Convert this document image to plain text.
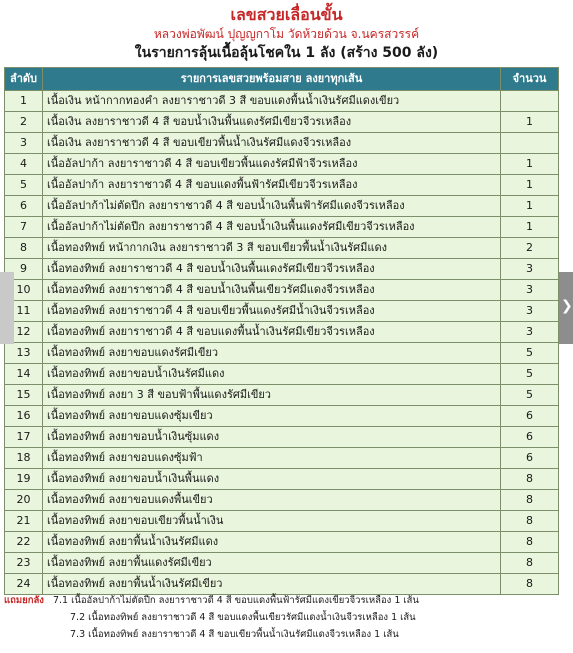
เลขสวยเลื่อนขั้น
หลวงพ่อพัฒน์ ปุญญกาโม วัดห้วยด้วน จ.นครสวรรค์
ในรายการลุ้นเนื้อลุ้นโชคใน 1 ลัง (สร้าง 500 ลัง)
ลำดับ	รายการเลขสวยพร้อมสาย ลงยาทุกเส้น	จำนวน
1	เนื้อเงิน หน้ากากทองคำ ลงยาราชาวดี 3 สี ขอบแดงพื้นน้ำเงินรัศมีแดงเขียว	
2	เนื้อเงิน ลงยาราชาวดี 4 สี ขอบน้ำเงินพื้นแดงรัศมีเขียวจีวรเหลือง	1
3	เนื้อเงิน ลงยาราชาวดี 4 สี ขอบเขียวพื้นน้ำเงินรัศมีแดงจีวรเหลือง	
4	เนื้ออัลปาก้า ลงยาราชาวดี 4 สี ขอบเขียวพื้นแดงรัศมีฟ้าจีวรเหลือง	1
5	เนื้ออัลปาก้า ลงยาราชาวดี 4 สี ขอบแดงพื้นฟ้ารัศมีเขียวจีวรเหลือง	1
6	เนื้ออัลปาก้าไม่ตัดปีก ลงยาราชาวดี 4 สี ขอบน้ำเงินพื้นฟ้ารัศมีแดงจีวรเหลือง	1
7	เนื้ออัลปาก้าไม่ตัดปีก ลงยาราชาวดี 4 สี ขอบน้ำเงินพื้นแดงรัศมีเขียวจีวรเหลือง	1
8	เนื้อทองทิพย์ หน้ากากเงิน ลงยาราชาวดี 3 สี ขอบเขียวพื้นน้ำเงินรัศมีแดง	2
9	เนื้อทองทิพย์ ลงยาราชาวดี 4 สี ขอบน้ำเงินพื้นแดงรัศมีเขียวจีวรเหลือง	3
10	เนื้อทองทิพย์ ลงยาราชาวดี 4 สี ขอบน้ำเงินพื้นเขียวรัศมีแดงจีวรเหลือง	3
11	เนื้อทองทิพย์ ลงยาราชาวดี 4 สี ขอบเขียวพื้นแดงรัศมีน้ำเงินจีวรเหลือง	3
12	เนื้อทองทิพย์ ลงยาราชาวดี 4 สี ขอบแดงพื้นน้ำเงินรัศมีเขียวจีวรเหลือง	3
13	เนื้อทองทิพย์ ลงยาขอบแดงรัศมีเขียว	5
14	เนื้อทองทิพย์ ลงยาขอบน้ำเงินรัศมีแดง	5
15	เนื้อทองทิพย์ ลงยา 3 สี ขอบฟ้าพื้นแดงรัศมีเขียว	5
16	เนื้อทองทิพย์ ลงยาขอบแดงซุ้มเขียว	6
17	เนื้อทองทิพย์ ลงยาขอบน้ำเงินซุ้มแดง	6
18	เนื้อทองทิพย์ ลงยาขอบแดงซุ้มฟ้า	6
19	เนื้อทองทิพย์ ลงยาขอบน้ำเงินพื้นแดง	8
20	เนื้อทองทิพย์ ลงยาขอบแดงพื้นเขียว	8
21	เนื้อทองทิพย์ ลงยาขอบเขียวพื้นน้ำเงิน	8
22	เนื้อทองทิพย์ ลงยาพื้นน้ำเงินรัศมีแดง	8
23	เนื้อทองทิพย์ ลงยาพื้นแดงรัศมีเขียว	8
24	เนื้อทองทิพย์ ลงยาพื้นน้ำเงินรัศมีเขียว	8
แถมยกลัง 7.1 เนื้ออัลปาก้าไม่ตัดปีก ลงยาราชาวดี 4 สี ขอบแดงพื้นฟ้ารัศมีแดงเขียวจีวรเหลือง 1 เส้น
7.2 เนื้อทองทิพย์ ลงยาราชาวดี 4 สี ขอบแดงพื้นเขียวรัศมีแดงน้ำเงินจีวรเหลือง 1 เส้น
7.3 เนื้อทองทิพย์ ลงยาราชาวดี 4 สี ขอบเขียวพื้นน้ำเงินรัศมีแดงจีวรเหลือง 1 เส้น
❯
